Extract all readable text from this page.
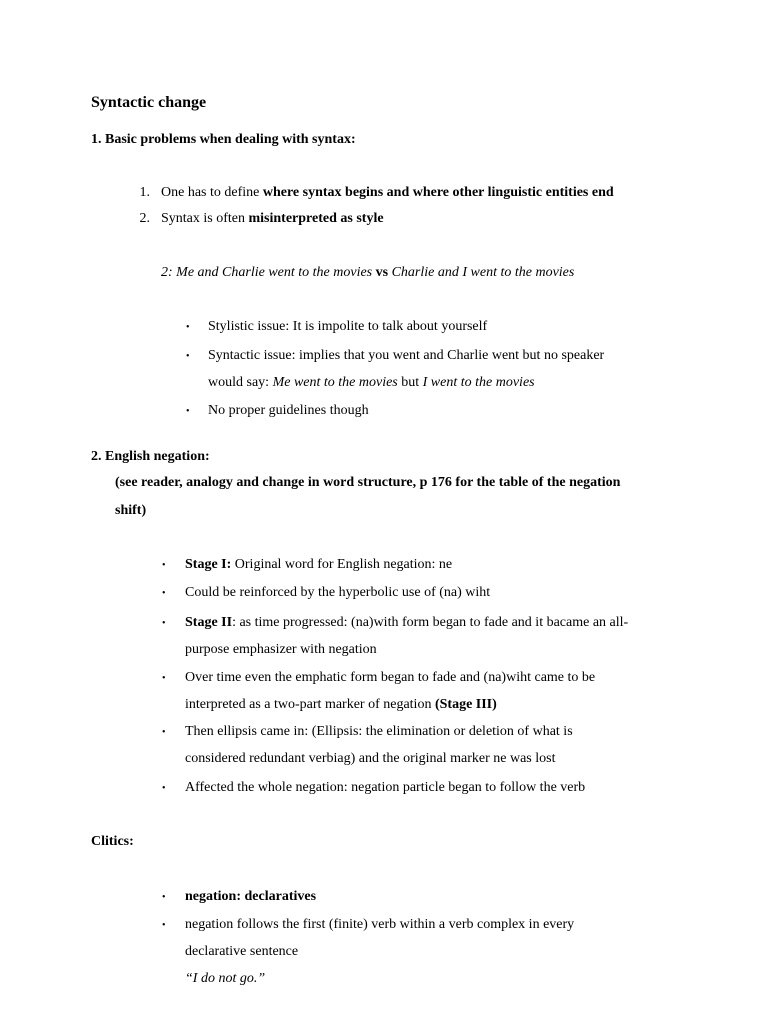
Syntactic change
1. Basic problems when dealing with syntax:
1. One has to define where syntax begins and where other linguistic entities end
2. Syntax is often misinterpreted as style
2: Me and Charlie went to the movies vs Charlie and I went to the movies
• Stylistic issue: It is impolite to talk about yourself
• Syntactic issue: implies that you went and Charlie went but no speaker
would say: Me went to the movies but I went to the movies
• No proper guidelines though
2. English negation:
(see reader, analogy and change in word structure, p 176 for the table of the negation
shift)
• Stage I: Original word for English negation: ne
• Could be reinforced by the hyperbolic use of (na) wiht
• Stage II: as time progressed: (na)with form began to fade and it bacame an all-
purpose emphasizer with negation
• Over time even the emphatic form began to fade and (na)wiht came to be
interpreted as a two-part marker of negation (Stage III)
• Then ellipsis came in: (Ellipsis: the elimination or deletion of what is
considered redundant verbiag) and the original marker ne was lost
• Affected the whole negation: negation particle began to follow the verb
Clitics:
• negation: declaratives
• negation follows the first (finite) verb within a verb complex in every
declarative sentence
“I do not go.”
